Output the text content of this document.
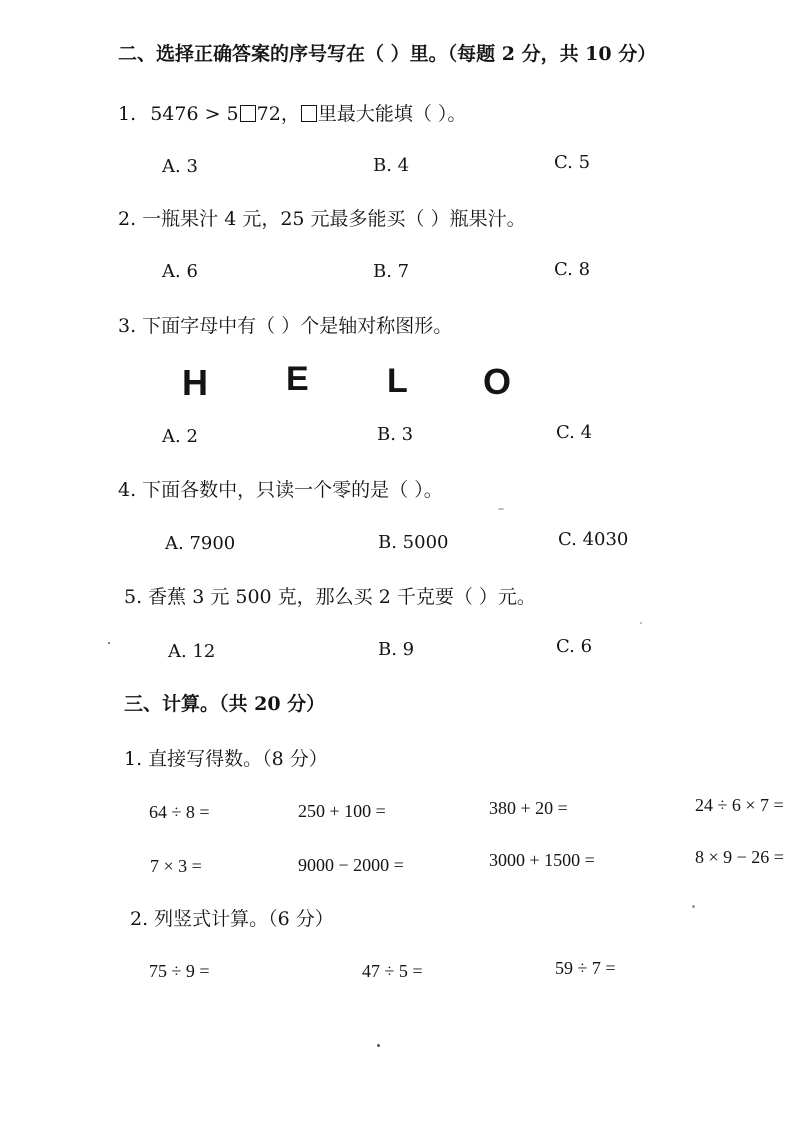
二、选择正确答案的序号写在（ ）里。（每题 2 分，共 10 分）
1. 5476 > 5 72， 里最大能填（ ）。
A. 3	B. 4	C. 5
2. 一瓶果汁 4 元，25 元最多能买（ ）瓶果汁。
A. 6	B. 7	C. 8
3. 下面字母中有（ ）个是轴对称图形。
H E L O
A. 2	B. 3	C. 4
4. 下面各数中，只读一个零的是（ ）。
A. 7900	B. 5000	C. 4030
5. 香蕉 3 元 500 克，那么买 2 千克要（ ）元。
A. 12	B. 9	C. 6
三、计算。（共 20 分）
1. 直接写得数。（8 分）
64 ÷ 8 =	250 + 100 =	380 + 20 =	24 ÷ 6 × 7 =
7 × 3 =	9000 − 2000 =	3000 + 1500 =	8 × 9 − 26 =
2. 列竖式计算。（6 分）
75 ÷ 9 =	47 ÷ 5 =	59 ÷ 7 =
